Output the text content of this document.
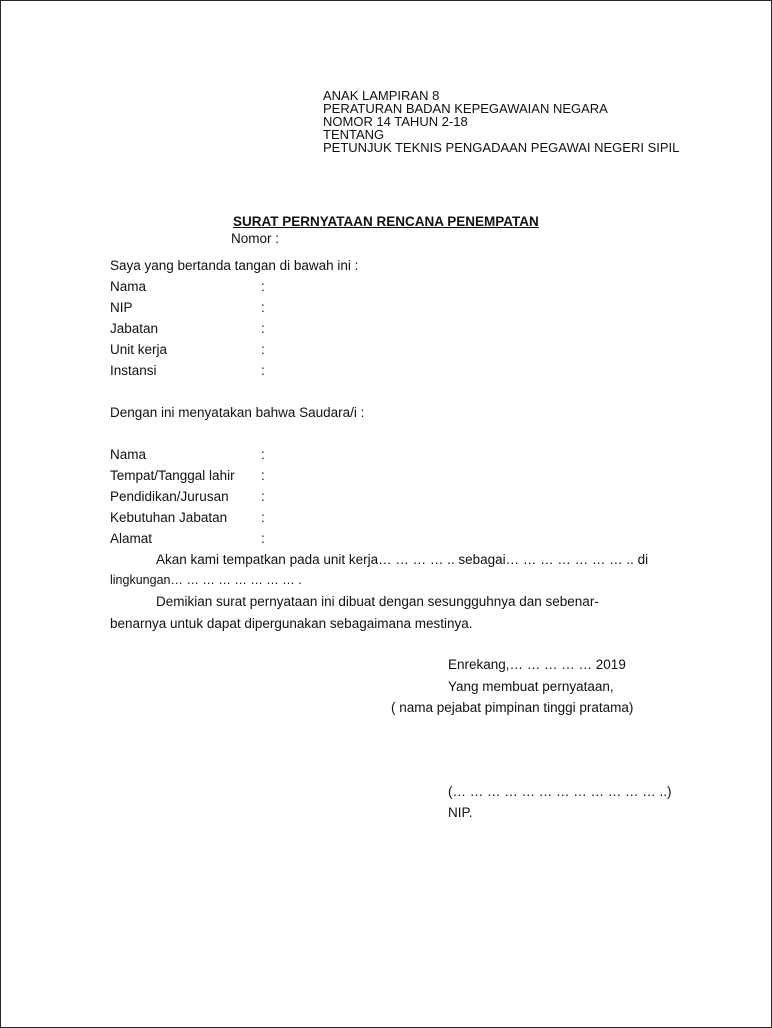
ANAK LAMPIRAN 8
PERATURAN BADAN KEPEGAWAIAN NEGARA
NOMOR 14 TAHUN 2-18
TENTANG
PETUNJUK TEKNIS PENGADAAN PEGAWAI NEGERI SIPIL
SURAT PERNYATAAN RENCANA PENEMPATAN
Nomor :
Saya yang bertanda tangan di bawah ini :
Nama	:
NIP	:
Jabatan	:
Unit kerja	:
Instansi	:
Dengan ini menyatakan bahwa Saudara/i :
Nama	:
Tempat/Tanggal lahir :
Pendidikan/Jurusan :
Kebutuhan Jabatan	:
Alamat	:
Akan kami tempatkan pada unit kerja… … … … .. sebagai… … … … … … … .. di
lingkungan… … … … … … … … .
Demikian surat pernyataan ini dibuat dengan sesungguhnya dan sebenar-
benarnya untuk dapat dipergunakan sebagaimana mestinya.
Enrekang,… … … … … 2019
Yang membuat pernyataan,
( nama pejabat pimpinan tinggi pratama)
(… … … … … … … … … … … … ..)
NIP.
